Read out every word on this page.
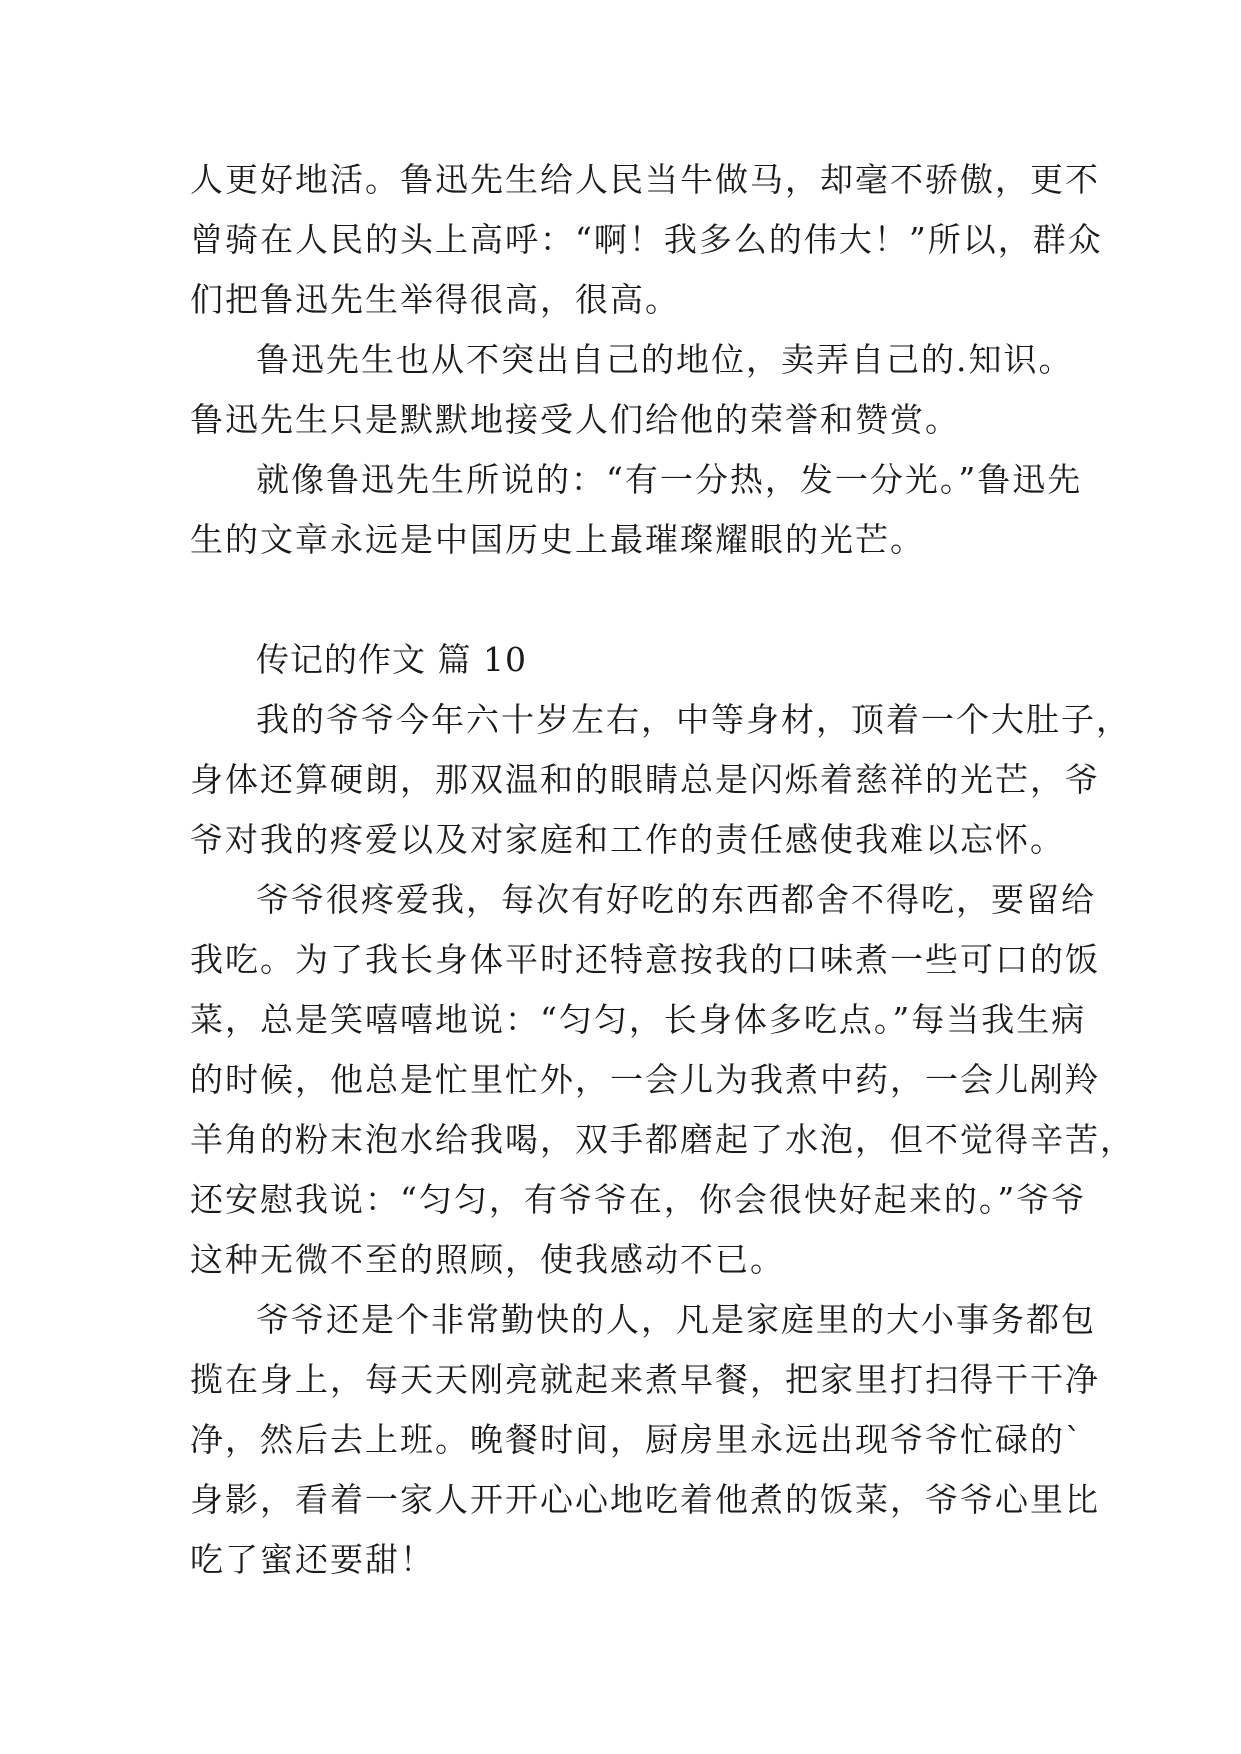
人更好地活。鲁迅先生给人民当牛做马，却毫不骄傲，更不
曾骑在人民的头上高呼：“啊！我多么的伟大！”所以，群众
们把鲁迅先生举得很高，很高。
鲁迅先生也从不突出自己的地位，卖弄自己的.知识。
鲁迅先生只是默默地接受人们给他的荣誉和赞赏。
就像鲁迅先生所说的：“有一分热，发一分光。”鲁迅先
生的文章永远是中国历史上最璀璨耀眼的光芒。
传记的作文 篇 10
我的爷爷今年六十岁左右，中等身材，顶着一个大肚子，
身体还算硬朗，那双温和的眼睛总是闪烁着慈祥的光芒，爷
爷对我的疼爱以及对家庭和工作的责任感使我难以忘怀。
爷爷很疼爱我，每次有好吃的东西都舍不得吃，要留给
我吃。为了我长身体平时还特意按我的口味煮一些可口的饭
菜，总是笑嘻嘻地说：“匀匀，长身体多吃点。”每当我生病
的时候，他总是忙里忙外，一会儿为我煮中药，一会儿剐羚
羊角的粉末泡水给我喝，双手都磨起了水泡，但不觉得辛苦，
还安慰我说：“匀匀，有爷爷在，你会很快好起来的。”爷爷
这种无微不至的照顾，使我感动不已。
爷爷还是个非常勤快的人，凡是家庭里的大小事务都包
揽在身上，每天天刚亮就起来煮早餐，把家里打扫得干干净
净，然后去上班。晚餐时间，厨房里永远出现爷爷忙碌的`
身影，看着一家人开开心心地吃着他煮的饭菜，爷爷心里比
吃了蜜还要甜！
